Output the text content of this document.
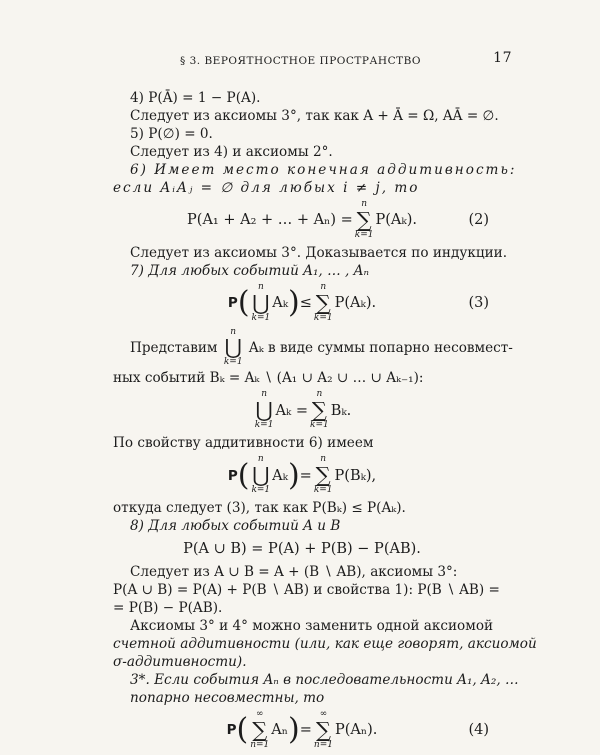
§ 3. ВЕРОЯТНОСТНОЕ ПРОСТРАНСТВО	17

4) P(Ā) = 1 − P(A).

Следует из аксиомы 3°, так как A + Ā = Ω, AĀ = ∅.

5) P(∅) = 0.

Следует из 4) и аксиомы 2°.

6) Имеет место конечная аддитивность:

если AᵢAⱼ = ∅ для любых i ≠ j, то

P(A₁ + A₂ + … + Aₙ) =
n
∑
k=1
P(Aₖ).	(2)

Следует из аксиомы 3°. Доказывается по индукции.

7) Для любых событий A₁, … , Aₙ

P ( n
⋃
k=1
Aₖ ) ≤
n
∑
k=1
P(Aₖ).	(3)

Представим
n
⋃
k=1
Aₖ в виде суммы попарно несовмест-

ных событий Bₖ = Aₖ ∖ (A₁ ∪ A₂ ∪ … ∪ Aₖ₋₁):

n
⋃
k=1
Aₖ =
n
∑
k=1
Bₖ.

По свойству аддитивности 6) имеем

P ( n
⋃
k=1
Aₖ ) =
n
∑
k=1
P(Bₖ),

откуда следует (3), так как P(Bₖ) ≤ P(Aₖ).

8) Для любых событий A и B

P(A ∪ B) = P(A) + P(B) − P(AB).

Следует из A ∪ B = A + (B ∖ AB), аксиомы 3°:

P(A ∪ B) = P(A) + P(B ∖ AB) и свойства 1): P(B ∖ AB) =

= P(B) − P(AB).

Аксиомы 3° и 4° можно заменить одной аксиомой

счетной аддитивности (или, как еще говорят, аксиомой

σ-аддитивности).

3*. Если события Aₙ в последовательности A₁, A₂, …

попарно несовместны, то

P ( ∞
∑
n=1
Aₙ ) =
∞
∑
n=1
P(Aₙ).	(4)
